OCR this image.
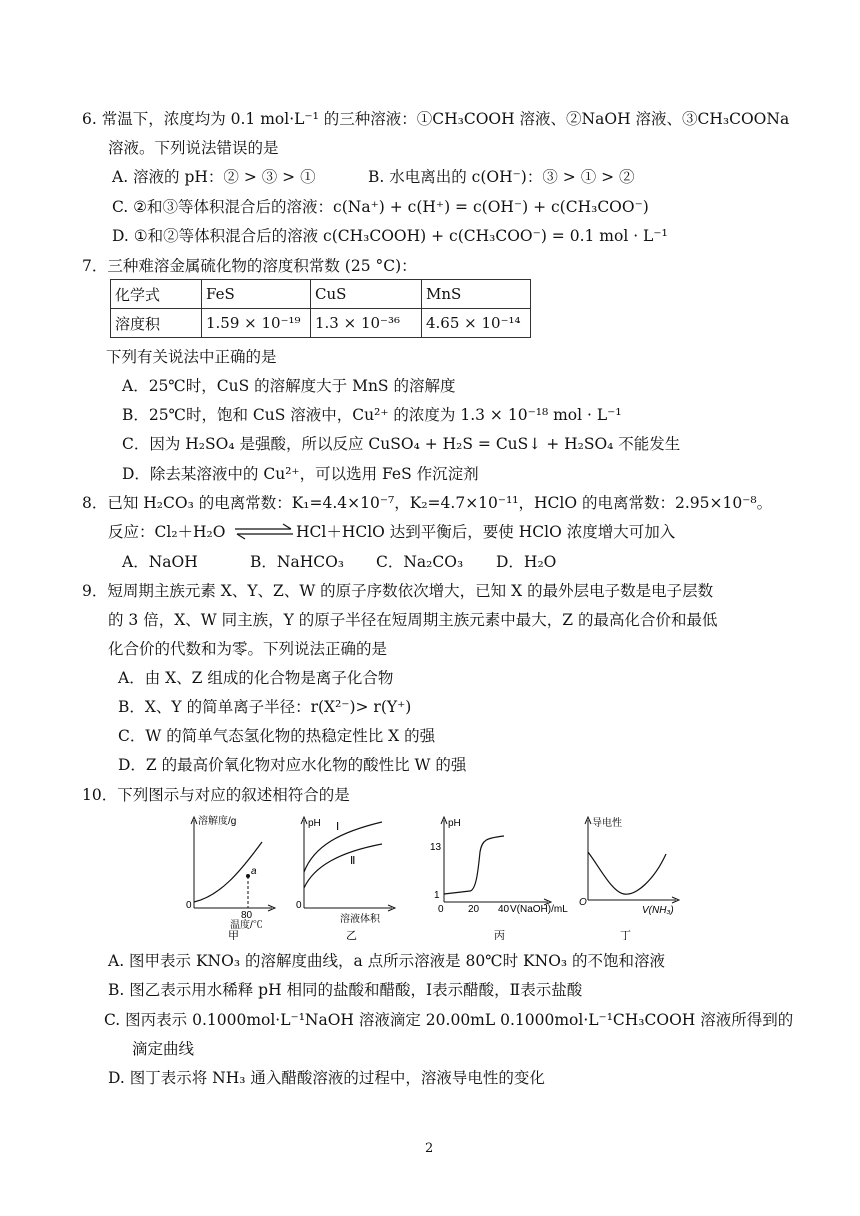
6. 常温下，浓度均为 0.1 mol·L⁻¹ 的三种溶液：①CH₃COOH 溶液、②NaOH 溶液、③CH₃COONa
溶液。下列说法错误的是
A. 溶液的 pH：② > ③ > ①	B. 水电离出的 c(OH⁻)：③ > ① > ②
C. ②和③等体积混合后的溶液：c(Na⁺) + c(H⁺) = c(OH⁻) + c(CH₃COO⁻)
D. ①和②等体积混合后的溶液 c(CH₃COOH) + c(CH₃COO⁻) = 0.1 mol · L⁻¹
7．三种难溶金属硫化物的溶度积常数 (25 °C)：
化学式	FeS	CuS	MnS
溶度积	1.59 × 10⁻¹⁹	1.3 × 10⁻³⁶	4.65 × 10⁻¹⁴
下列有关说法中正确的是
A．25℃时，CuS 的溶解度大于 MnS 的溶解度
B．25℃时，饱和 CuS 溶液中，Cu²⁺ 的浓度为 1.3 × 10⁻¹⁸ mol · L⁻¹
C．因为 H₂SO₄ 是强酸，所以反应 CuSO₄ + H₂S = CuS↓ + H₂SO₄ 不能发生
D．除去某溶液中的 Cu²⁺，可以选用 FeS 作沉淀剂
8．已知 H₂CO₃ 的电离常数：K₁=4.4×10⁻⁷，K₂=4.7×10⁻¹¹，HClO 的电离常数：2.95×10⁻⁸。
反应：Cl₂＋H₂O ⇌ HCl＋HClO 达到平衡后，要使 HClO 浓度增大可加入
A．NaOH	B．NaHCO₃ C．Na₂CO₃ D．H₂O
9．短周期主族元素 X、Y、Z、W 的原子序数依次增大，已知 X 的最外层电子数是电子层数
的 3 倍，X、W 同主族，Y 的原子半径在短周期主族元素中最大，Z 的最高化合价和最低
化合价的代数和为零。下列说法正确的是
A．由 X、Z 组成的化合物是离子化合物
B．X、Y 的简单离子半径：r(X²⁻)> r(Y⁺)
C．W 的简单气态氢化物的热稳定性比 X 的强
D．Z 的最高价氧化物对应水化物的酸性比 W 的强
10．下列图示与对应的叙述相符合的是
溶解度/g
a
80
0
温度/℃
甲
pH Ⅰ
Ⅱ
0
溶液体积
乙
pH
13
1
0 20 40 V(NaOH)/mL
丙
导电性
O
V(NH₃)
丁
A. 图甲表示 KNO₃ 的溶解度曲线，a 点所示溶液是 80℃时 KNO₃ 的不饱和溶液
B. 图乙表示用水稀释 pH 相同的盐酸和醋酸，Ⅰ表示醋酸，Ⅱ表示盐酸
C. 图丙表示 0.1000mol·L⁻¹NaOH 溶液滴定 20.00mL 0.1000mol·L⁻¹CH₃COOH 溶液所得到的
滴定曲线
D. 图丁表示将 NH₃ 通入醋酸溶液的过程中，溶液导电性的变化
2
